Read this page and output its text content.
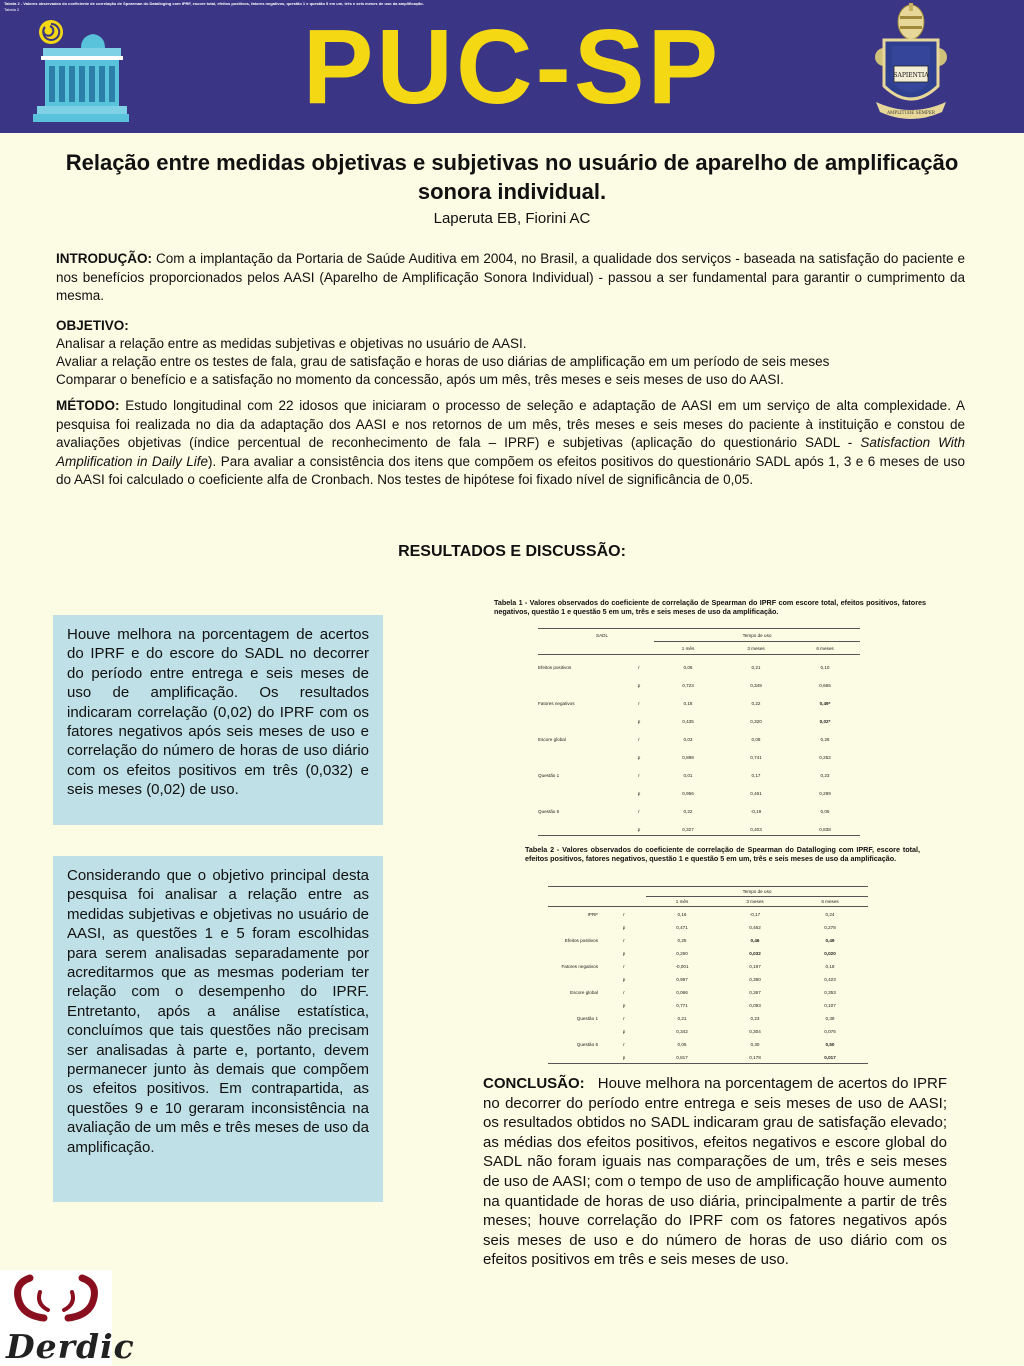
Tabela 2 - Valores observados do coeficiente de correlação de Spearman do Datalloging com IPRF, escore total, efeitos positivos, fatores negativos, questão 1 e questão 5 em um, três e seis meses de uso da amplificação.
Tabela 2	PUC-SP	SAPIENTIA
AMPLITUDE SEMPER
Relação entre medidas objetivas e subjetivas no usuário de aparelho de amplificação sonora individual.
Laperuta EB, Fiorini AC
INTRODUÇÃO: Com a implantação da Portaria de Saúde Auditiva em 2004, no Brasil, a qualidade dos serviços - baseada na satisfação do paciente e nos benefícios proporcionados pelos AASI (Aparelho de Amplificação Sonora Individual) - passou a ser fundamental para garantir o cumprimento da mesma.
OBJETIVO:
Analisar a relação entre as medidas subjetivas e objetivas no usuário de AASI.
Avaliar a relação entre os testes de fala, grau de satisfação e horas de uso diárias de amplificação em um período de seis meses
Comparar o benefício e a satisfação no momento da concessão, após um mês, três meses e seis meses de uso do AASI.
MÉTODO: Estudo longitudinal com 22 idosos que iniciaram o processo de seleção e adaptação de AASI em um serviço de alta complexidade. A pesquisa foi realizada no dia da adaptação dos AASI e nos retornos de um mês, três meses e seis meses do paciente à instituição e constou de avaliações objetivas (índice percentual de reconhecimento de fala – IPRF) e subjetivas (aplicação do questionário SADL - Satisfaction With Amplification in Daily Life). Para avaliar a consistência dos itens que compõem os efeitos positivos do questionário SADL após 1, 3 e 6 meses de uso do AASI foi calculado o coeficiente alfa de Cronbach. Nos testes de hipótese foi fixado nível de significância de 0,05.
RESULTADOS E DISCUSSÃO:
Houve melhora na porcentagem de acertos do IPRF e do escore do SADL no decorrer do período entre entrega e seis meses de uso de amplificação. Os resultados indicaram correlação (0,02) do IPRF com os fatores negativos após seis meses de uso e correlação do número de horas de uso diário com os efeitos positivos em três (0,032) e seis meses (0,02) de uso.
Considerando que o objetivo principal desta pesquisa foi analisar a relação entre as medidas subjetivas e objetivas no usuário de AASI, as questões 1 e 5 foram escolhidas para serem analisadas separadamente por acreditarmos que as mesmas poderiam ter relação com o desempenho do IPRF. Entretanto, após a análise estatística, concluímos que tais questões não precisam ser analisadas à parte e, portanto, devem permanecer junto às demais que compõem os efeitos positivos. Em contrapartida, as questões 9 e 10 geraram inconsistência na avaliação de um mês e três meses de uso da amplificação.
Tabela 1 - Valores observados do coeficiente de correlação de Spearman do IPRF com escore total, efeitos positivos, fatores negativos, questão 1 e questão 5 em um, três e seis meses de uso da amplificação.
SADL		Tempo de uso		
		1 mês	3 meses	6 meses
Efeitos positivos	r	0,06	0,21	0,10
	p	0,723	0,349	0,665
Fatores negativos	r	0,18	0,22	0,49*
	p	0,435	0,320	0,02*
Escore global	r	0,03	0,08	0,26
	p	0,898	0,741	0,252
Questão 1	r	0,01	0,17	0,23
	p	0,956	0,461	0,289
Questão 5	r	0,22	-0,19	0,05
	p	0,327	0,403	0,838
Tabela 2 - Valores observados do coeficiente de correlação de Spearman do Datalloging com IPRF, escore total, efeitos positivos, fatores negativos, questão 1 e questão 5 em um, três e seis meses de uso da amplificação.
		Tempo de uso		
		1 mês	3 meses	6 meses
IPRF	r	0,16	-0,17	0,24
	p	0,471	0,462	0,278
Efeitos positivos	r	0,25	0,46	0,49
	p	0,260	0,032	0,020
Fatores negativos	r	-0,001	0,197	0,18
	p	0,997	0,380	0,423
Escore global	r	0,066	0,367	0,353
	p	0,771	0,093	0,107
Questão 1	r	0,21	0,23	0,39
	p	0,342	0,304	0,076
Questão 5	r	0,05	0,30	0,50
	p	0,817	0,178	0,017
CONCLUSÃO:   Houve melhora na porcentagem de acertos do IPRF no decorrer do período entre entrega e seis meses de uso de AASI; os resultados obtidos no SADL indicaram grau de satisfação elevado; as médias dos efeitos positivos, efeitos negativos e escore global do SADL não foram iguais nas comparações de um, três e seis meses de uso de AASI; com o tempo de uso de amplificação houve aumento na quantidade de horas de uso diária, principalmente a partir de três meses; houve correlação do IPRF com os fatores negativos após seis meses de uso e do número de horas de uso diário com os efeitos positivos em três e seis meses de uso.
Derdic
